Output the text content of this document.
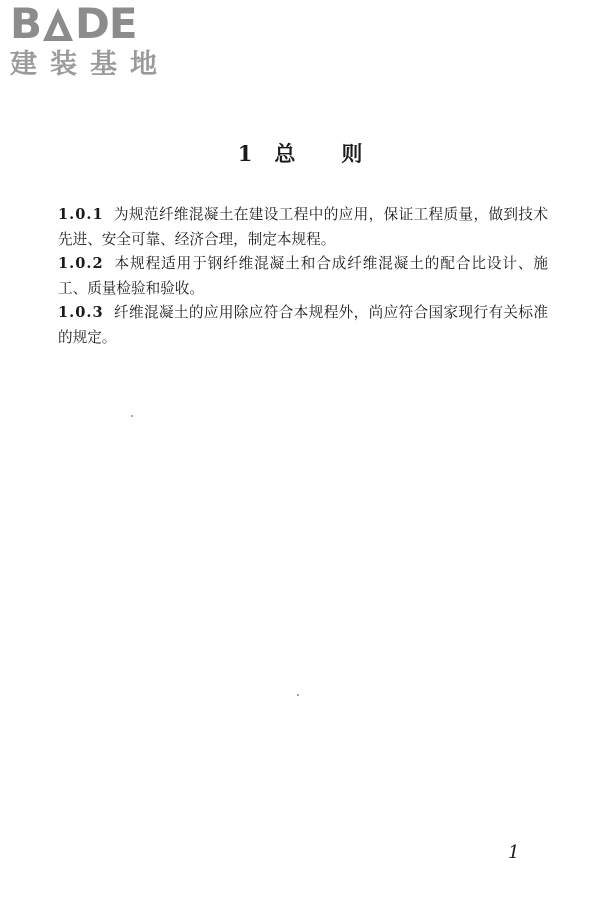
B DE
建装基地
1 总 则

1.0.1 为规范纤维混凝土在建设工程中的应用，保证工程质量，做到技术先进、安全可靠、经济合理，制定本规程。

1.0.2 本规程适用于钢纤维混凝土和合成纤维混凝土的配合比设计、施工、质量检验和验收。

1.0.3 纤维混凝土的应用除应符合本规程外，尚应符合国家现行有关标准的规定。

1
